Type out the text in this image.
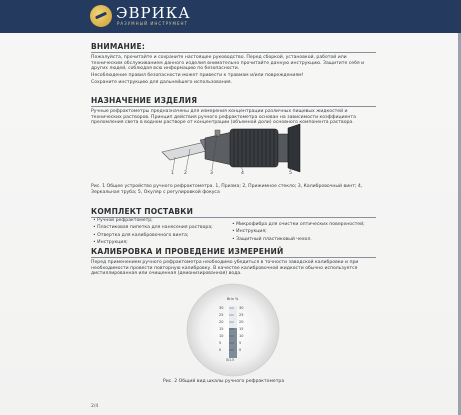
ЭВРИКА
РАЗУМНЫЙ ИНСТРУМЕНТ
ВНИМАНИЕ:

Пожалуйста, прочитайте и сохраните настоящее руководство. Перед сборкой, установкой, работой или техническим обслуживанием данного изделия внимательно прочитайте данную инструкцию. Защитите себя и других людей, соблюдая всю информацию по безопасности.

Несоблюдение правил безопасности может привести к травмам и/или повреждениям!

Сохраните инструкцию для дальнейшего использования.

НАЗНАЧЕНИЕ ИЗДЕЛИЯ
Ручные рефрактометры предназначены для измерения концентрации различных пищевых жидкостей и технических растворов. Принцип действия ручного рефрактометра основан на зависимости коэффициента преломления света в водном растворе от концентрации (объемной доли) основного компонента раствора.
1 2	3	4	5
Рис. 1 Общее устройство ручного рефрактометра. 1, Призма; 2, Прижимное стекло; 3, Калибровочный винт; 4, Зеркальная труба; 5, Окуляр с регулировкой фокуса
КОМПЛЕКТ ПОСТАВКИ
• Ручной рефрактометр;
• Пластиковая пипетка для нанесения раствора;
• Отвертка для калибровочного винта;
• Инструкция;
• Микрофибра для очистки оптических поверхностей;
• Инструкция;
• Защитный пластиковый чехол.
КАЛИБРОВКА И ПРОВЕДЕНИЕ ИЗМЕРЕНИЙ
Перед применением ручного рефрактометра необходимо убедиться в точности заводской калибровки и при необходимости провести повторную калибровку. В качестве калибровочной жидкости обычно используется дистиллированная или очищенная (деионизированная) вода.
Brix %
30
25
20
15
10
5
0
30
25
20
15
10
5
0
0/1.5
Рис. 2 Общий вид шкалы ручного рефрактометра
2/4
